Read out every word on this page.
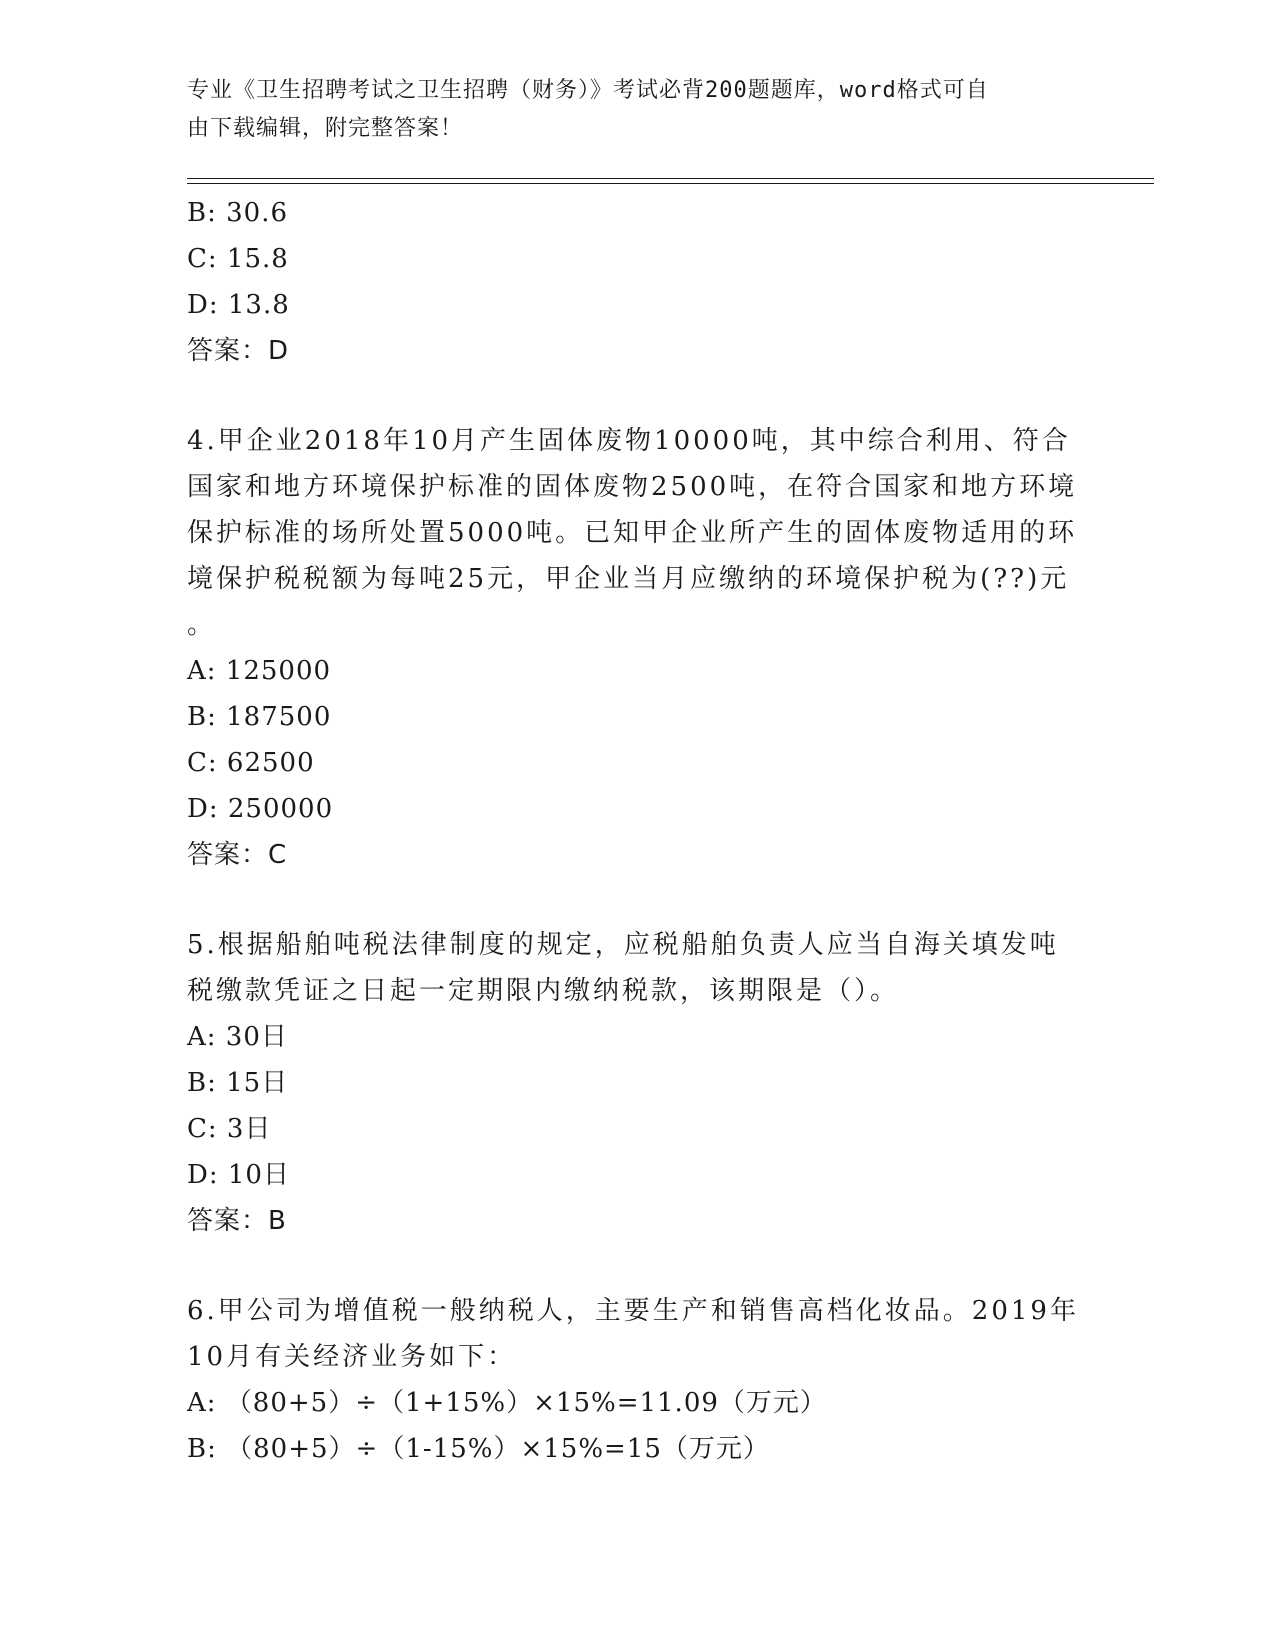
专业《卫生招聘考试之卫生招聘（财务）》考试必背200题题库，word格式可自
由下载编辑，附完整答案！
B: 30.6
C: 15.8
D: 13.8
答案：D
4.甲企业2018年10月产生固体废物10000吨，其中综合利用、符合
国家和地方环境保护标准的固体废物2500吨，在符合国家和地方环境
保护标准的场所处置5000吨。已知甲企业所产生的固体废物适用的环
境保护税税额为每吨25元，甲企业当月应缴纳的环境保护税为(??)元
。
A: 125000
B: 187500
C: 62500
D: 250000
答案：C
5.根据船舶吨税法律制度的规定，应税船舶负责人应当自海关填发吨
税缴款凭证之日起一定期限内缴纳税款，该期限是（）。
A: 30日
B: 15日
C: 3日
D: 10日
答案：B
6.甲公司为增值税一般纳税人，主要生产和销售高档化妆品。2019年
10月有关经济业务如下：
A: （80+5）÷（1+15%）×15%=11.09（万元）
B: （80+5）÷（1-15%）×15%=15（万元）
